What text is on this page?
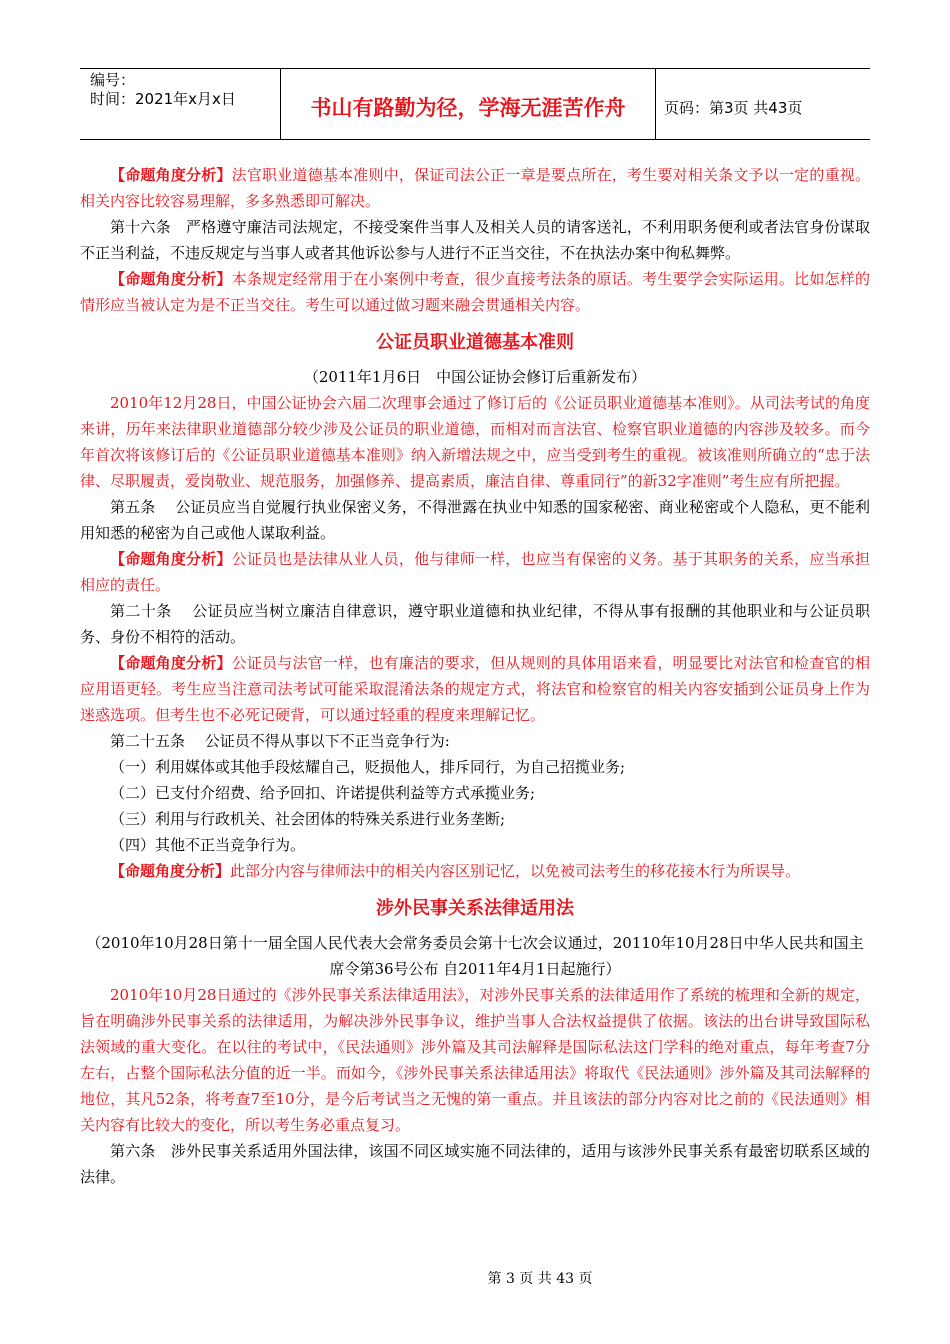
编号：
时间：2021年x月x日	书山有路勤为径，学海无涯苦作舟	页码：第3页 共43页

【命题角度分析】法官职业道德基本准则中，保证司法公正一章是要点所在，考生要对相关条文予以一定的重视。相关内容比较容易理解，多多熟悉即可解决。

第十六条　严格遵守廉洁司法规定，不接受案件当事人及相关人员的请客送礼，不利用职务便利或者法官身份谋取不正当利益，不违反规定与当事人或者其他诉讼参与人进行不正当交往，不在执法办案中徇私舞弊。

【命题角度分析】本条规定经常用于在小案例中考查，很少直接考法条的原话。考生要学会实际运用。比如怎样的情形应当被认定为是不正当交往。考生可以通过做习题来融会贯通相关内容。

公证员职业道德基本准则

（2011年1月6日　中国公证协会修订后重新发布）

2010年12月28日，中国公证协会六届二次理事会通过了修订后的《公证员职业道德基本准则》。从司法考试的角度来讲，历年来法律职业道德部分较少涉及公证员的职业道德，而相对而言法官、检察官职业道德的内容涉及较多。而今年首次将该修订后的《公证员职业道德基本准则》纳入新增法规之中，应当受到考生的重视。被该准则所确立的“忠于法律、尽职履责，爱岗敬业、规范服务，加强修养、提高素质，廉洁自律、尊重同行”的新32字准则”考生应有所把握。

第五条　 公证员应当自觉履行执业保密义务，不得泄露在执业中知悉的国家秘密、商业秘密或个人隐私，更不能利用知悉的秘密为自己或他人谋取利益。

【命题角度分析】公证员也是法律从业人员，他与律师一样，也应当有保密的义务。基于其职务的关系，应当承担相应的责任。

第二十条　 公证员应当树立廉洁自律意识，遵守职业道德和执业纪律，不得从事有报酬的其他职业和与公证员职务、身份不相符的活动。

【命题角度分析】公证员与法官一样，也有廉洁的要求，但从规则的具体用语来看，明显要比对法官和检查官的相应用语更轻。考生应当注意司法考试可能采取混淆法条的规定方式，将法官和检察官的相关内容安插到公证员身上作为迷惑选项。但考生也不必死记硬背，可以通过轻重的程度来理解记忆。

第二十五条　 公证员不得从事以下不正当竞争行为:

（一）利用媒体或其他手段炫耀自己，贬损他人，排斥同行，为自己招揽业务;

（二）已支付介绍费、给予回扣、许诺提供利益等方式承揽业务;

（三）利用与行政机关、社会团体的特殊关系进行业务垄断;

（四）其他不正当竞争行为。

【命题角度分析】此部分内容与律师法中的相关内容区别记忆，以免被司法考生的移花接木行为所误导。

涉外民事关系法律适用法

（2010年10月28日第十一届全国人民代表大会常务委员会第十七次会议通过，20110年10月28日中华人民共和国主席令第36号公布 自2011年4月1日起施行）

2010年10月28日通过的《涉外民事关系法律适用法》，对涉外民事关系的法律适用作了系统的梳理和全新的规定，旨在明确涉外民事关系的法律适用，为解决涉外民事争议，维护当事人合法权益提供了依据。该法的出台讲导致国际私法领域的重大变化。在以往的考试中，《民法通则》涉外篇及其司法解释是国际私法这门学科的绝对重点，每年考查7分左右，占整个国际私法分值的近一半。而如今，《涉外民事关系法律适用法》将取代《民法通则》涉外篇及其司法解释的地位，其凡52条，将考查7至10分，是今后考试当之无愧的第一重点。并且该法的部分内容对比之前的《民法通则》相关内容有比较大的变化，所以考生务必重点复习。

第六条　涉外民事关系适用外国法律，该国不同区域实施不同法律的，适用与该涉外民事关系有最密切联系区域的法律。

第 3 页 共 43 页
